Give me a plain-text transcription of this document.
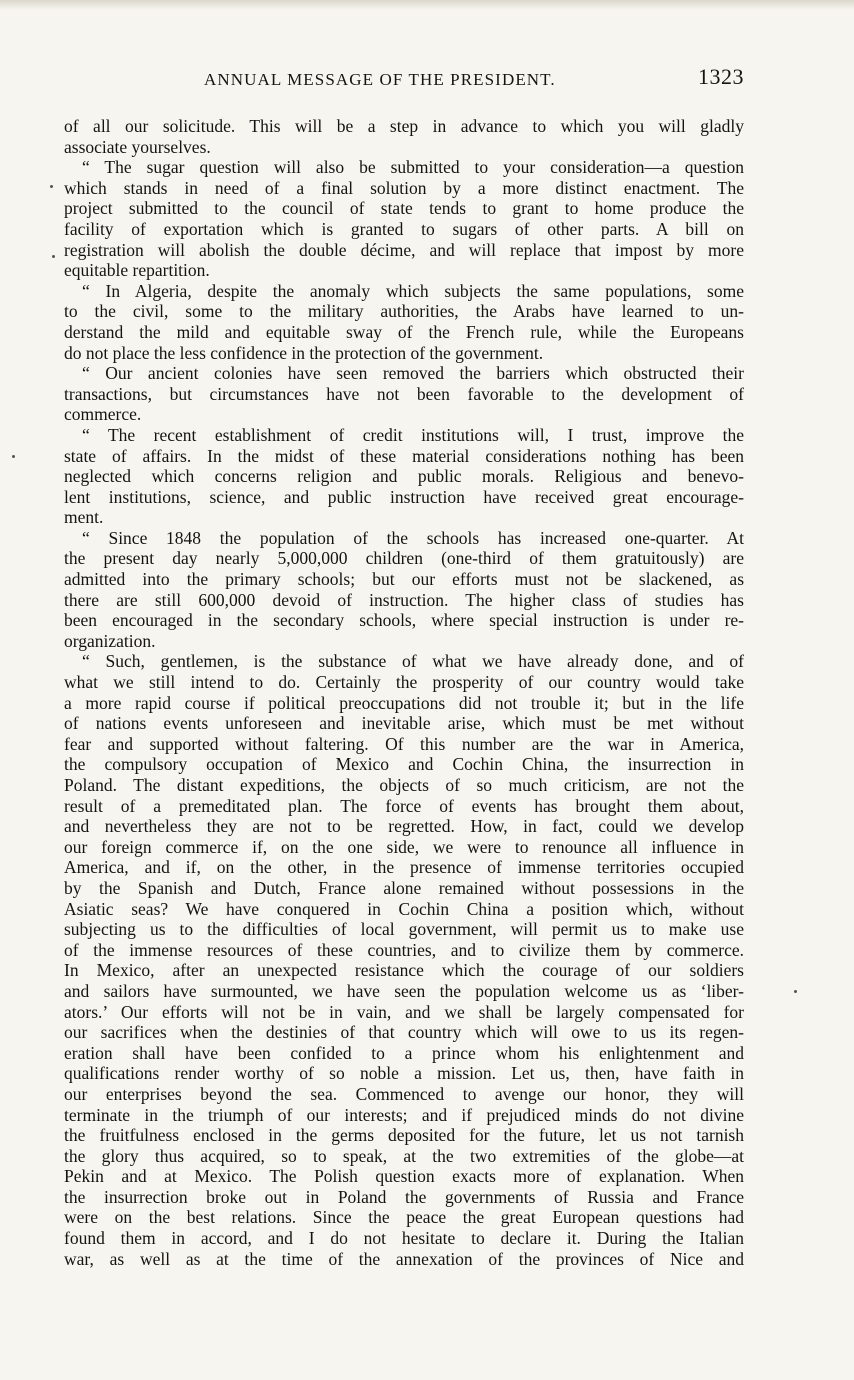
ANNUAL MESSAGE OF THE PRESIDENT.	1323
of all our solicitude. This will be a step in advance to which you will gladly
associate yourselves.
“ The sugar question will also be submitted to your consideration—a question
which stands in need of a final solution by a more distinct enactment. The
project submitted to the council of state tends to grant to home produce the
facility of exportation which is granted to sugars of other parts. A bill on
registration will abolish the double décime, and will replace that impost by more
equitable repartition.
“ In Algeria, despite the anomaly which subjects the same populations, some
to the civil, some to the military authorities, the Arabs have learned to un-
derstand the mild and equitable sway of the French rule, while the Europeans
do not place the less confidence in the protection of the government.
“ Our ancient colonies have seen removed the barriers which obstructed their
transactions, but circumstances have not been favorable to the development of
commerce.
“ The recent establishment of credit institutions will, I trust, improve the
state of affairs. In the midst of these material considerations nothing has been
neglected which concerns religion and public morals. Religious and benevo-
lent institutions, science, and public instruction have received great encourage-
ment.
“ Since 1848 the population of the schools has increased one-quarter. At
the present day nearly 5,000,000 children (one-third of them gratuitously) are
admitted into the primary schools; but our efforts must not be slackened, as
there are still 600,000 devoid of instruction. The higher class of studies has
been encouraged in the secondary schools, where special instruction is under re-
organization.
“ Such, gentlemen, is the substance of what we have already done, and of
what we still intend to do. Certainly the prosperity of our country would take
a more rapid course if political preoccupations did not trouble it; but in the life
of nations events unforeseen and inevitable arise, which must be met without
fear and supported without faltering. Of this number are the war in America,
the compulsory occupation of Mexico and Cochin China, the insurrection in
Poland. The distant expeditions, the objects of so much criticism, are not the
result of a premeditated plan. The force of events has brought them about,
and nevertheless they are not to be regretted. How, in fact, could we develop
our foreign commerce if, on the one side, we were to renounce all influence in
America, and if, on the other, in the presence of immense territories occupied
by the Spanish and Dutch, France alone remained without possessions in the
Asiatic seas? We have conquered in Cochin China a position which, without
subjecting us to the difficulties of local government, will permit us to make use
of the immense resources of these countries, and to civilize them by commerce.
In Mexico, after an unexpected resistance which the courage of our soldiers
and sailors have surmounted, we have seen the population welcome us as ‘liber-
ators.’ Our efforts will not be in vain, and we shall be largely compensated for
our sacrifices when the destinies of that country which will owe to us its regen-
eration shall have been confided to a prince whom his enlightenment and
qualifications render worthy of so noble a mission. Let us, then, have faith in
our enterprises beyond the sea. Commenced to avenge our honor, they will
terminate in the triumph of our interests; and if prejudiced minds do not divine
the fruitfulness enclosed in the germs deposited for the future, let us not tarnish
the glory thus acquired, so to speak, at the two extremities of the globe—at
Pekin and at Mexico. The Polish question exacts more of explanation. When
the insurrection broke out in Poland the governments of Russia and France
were on the best relations. Since the peace the great European questions had
found them in accord, and I do not hesitate to declare it. During the Italian
war, as well as at the time of the annexation of the provinces of Nice and
